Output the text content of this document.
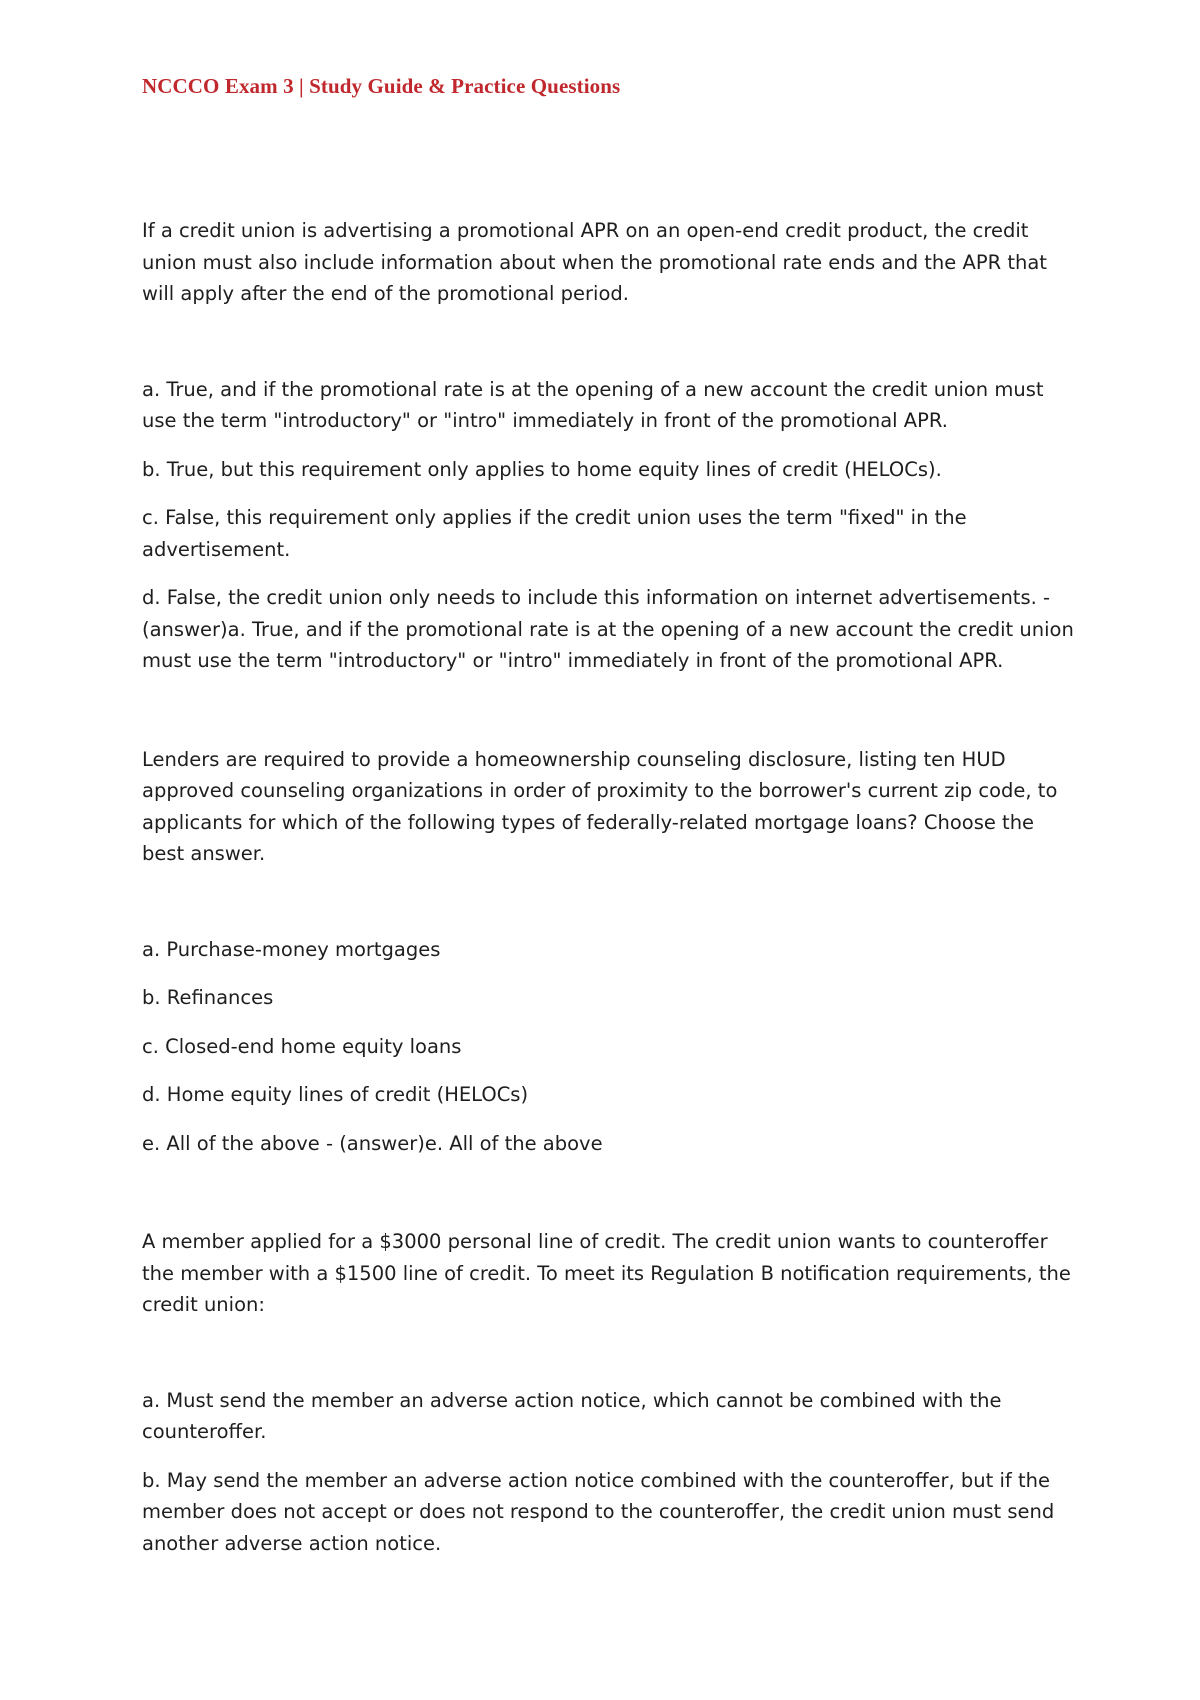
NCCCO Exam 3 | Study Guide & Practice Questions

If a credit union is advertising a promotional APR on an open-end credit product, the credit union must also include information about when the promotional rate ends and the APR that will apply after the end of the promotional period.

a. True, and if the promotional rate is at the opening of a new account the credit union must use the term "introductory" or "intro" immediately in front of the promotional APR.

b. True, but this requirement only applies to home equity lines of credit (HELOCs).

c. False, this requirement only applies if the credit union uses the term "fixed" in the advertisement.

d. False, the credit union only needs to include this information on internet advertisements. - (answer)a. True, and if the promotional rate is at the opening of a new account the credit union must use the term "introductory" or "intro" immediately in front of the promotional APR.

Lenders are required to provide a homeownership counseling disclosure, listing ten HUD approved counseling organizations in order of proximity to the borrower's current zip code, to applicants for which of the following types of federally-related mortgage loans? Choose the best answer.

a. Purchase-money mortgages

b. Refinances

c. Closed-end home equity loans

d. Home equity lines of credit (HELOCs)

e. All of the above - (answer)e. All of the above

A member applied for a $3000 personal line of credit. The credit union wants to counteroffer the member with a $1500 line of credit. To meet its Regulation B notification requirements, the credit union:

a. Must send the member an adverse action notice, which cannot be combined with the counteroffer.

b. May send the member an adverse action notice combined with the counteroffer, but if the member does not accept or does not respond to the counteroffer, the credit union must send another adverse action notice.
